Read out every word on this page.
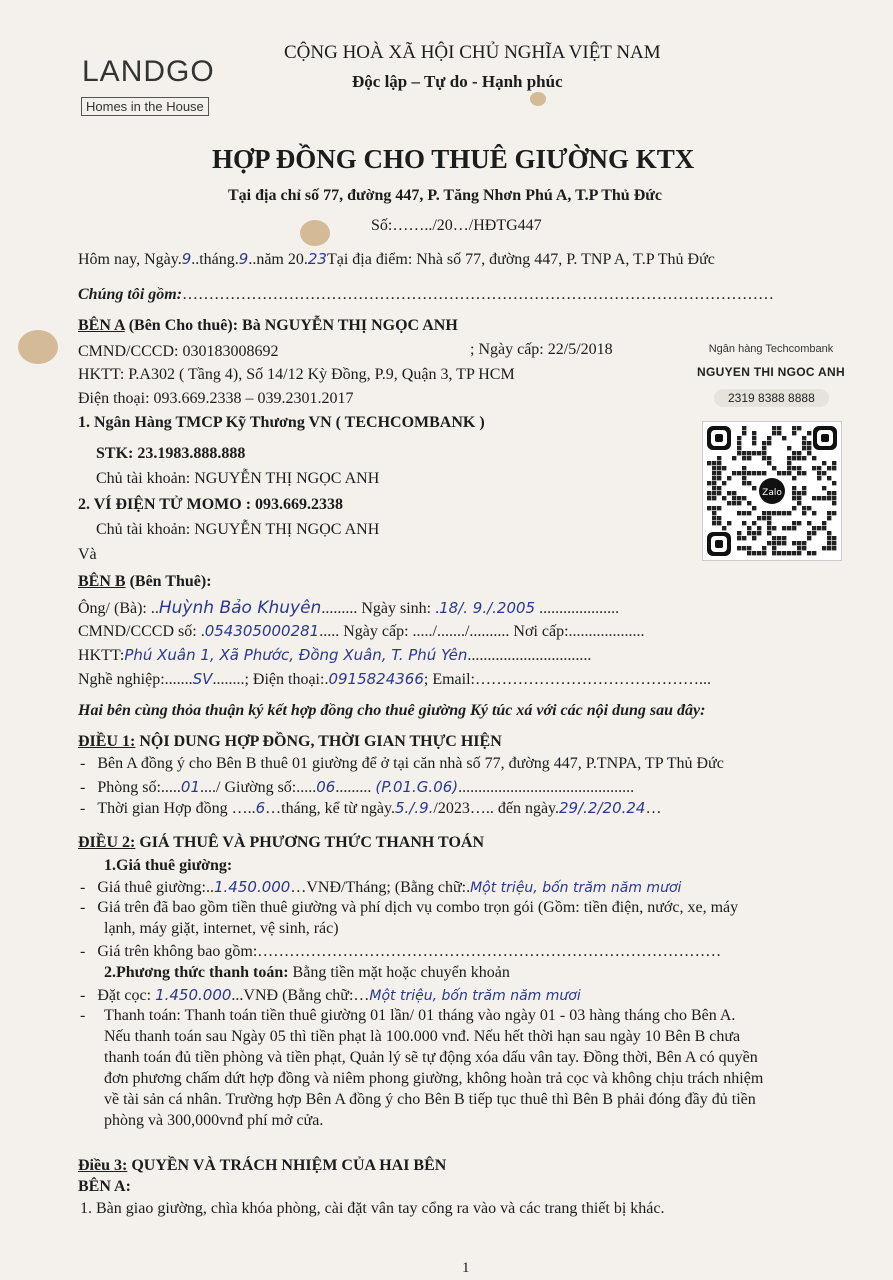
LANDGO
Homes in the House
CỘNG HOÀ XÃ HỘI CHỦ NGHĨA VIỆT NAM
Độc lập – Tự do - Hạnh phúc
HỢP ĐỒNG CHO THUÊ GIƯỜNG KTX
Tại địa chỉ số 77, đường 447, P. Tăng Nhơn Phú A, T.P Thủ Đức
Số:……../20…/HĐTG447
Hôm nay, Ngày.9..tháng.9..năm 20.23Tại địa điểm: Nhà số 77, đường 447, P. TNP A, T.P Thủ Đức
Chúng tôi gồm:…………………………………………………………………………………………………
BÊN A (Bên Cho thuê): Bà NGUYỄN THỊ NGỌC ANH
CMND/CCCD: 030183008692	; Ngày cấp: 22/5/2018
HKTT: P.A302 ( Tầng 4), Số 14/12 Kỳ Đồng, P.9, Quận 3, TP HCM
Điện thoại: 093.669.2338 – 039.2301.2017
1. Ngân Hàng TMCP Kỹ Thương VN ( TECHCOMBANK )
STK: 23.1983.888.888
Chủ tài khoản: NGUYỄN THỊ NGỌC ANH
2. VÍ ĐIỆN TỬ MOMO : 093.669.2338
Chủ tài khoản: NGUYỄN THỊ NGỌC ANH
Và
Ngân hàng Techcombank
NGUYEN THI NGOC ANH
2319 8388 8888
Zalo
BÊN B (Bên Thuê):
Ông/ (Bà): ..Huỳnh Bảo Khuyên......... Ngày sinh: .18/. 9./.2005 ....................
CMND/CCCD số: .054305000281..... Ngày cấp: ...../......./.......... Nơi cấp:...................
HKTT:Phú Xuân 1, Xã Phước, Đồng Xuân, T. Phú Yên...............................
Nghề nghiệp:.......SV........; Điện thoại:.0915824366; Email:……………………………………...
Hai bên cùng thỏa thuận ký kết hợp đồng cho thuê giường Ký túc xá với các nội dung sau đây:
ĐIỀU 1: NỘI DUNG HỢP ĐỒNG, THỜI GIAN THỰC HIỆN
-   Bên A đồng ý cho Bên B thuê 01 giường để ở tại căn nhà số 77, đường 447, P.TNPA, TP Thủ Đức
-   Phòng số:.....01..../ Giường số:.....06......... (P.01.G.06)............................................
-   Thời gian Hợp đồng …..6…tháng, kể từ ngày.5./.9./2023….. đến ngày.29/.2/20.24…
ĐIỀU 2: GIÁ THUÊ VÀ PHƯƠNG THỨC THANH TOÁN
1.Giá thuê giường:
-   Giá thuê giường:..1.450.000…VNĐ/Tháng; (Bằng chữ:.Một triệu, bốn trăm năm mươi
-   Giá trên đã bao gồm tiền thuê giường và phí dịch vụ combo trọn gói (Gồm: tiền điện, nước, xe, máy
lạnh, máy giặt, internet, vệ sinh, rác)
-   Giá trên không bao gồm:……………………………………………………………………………
2.Phương thức thanh toán: Bằng tiền mặt hoặc chuyển khoản
-   Đặt cọc: 1.450.000...VNĐ (Bằng chữ:…Một triệu, bốn trăm năm mươi
- Thanh toán: Thanh toán tiền thuê giường 01 lần/ 01 tháng vào ngày 01 - 03 hàng tháng cho Bên A.
Nếu thanh toán sau Ngày 05 thì tiền phạt là 100.000 vnđ. Nếu hết thời hạn sau ngày 10 Bên B chưa
thanh toán đủ tiền phòng và tiền phạt, Quản lý sẽ tự động xóa dấu vân tay. Đồng thời, Bên A có quyền
đơn phương chấm dứt hợp đồng và niêm phong giường, không hoàn trả cọc và không chịu trách nhiệm
về tài sản cá nhân. Trường hợp Bên A đồng ý cho Bên B tiếp tục thuê thì Bên B phải đóng đầy đủ tiền
phòng và 300,000vnđ phí mở cửa.
Điều 3: QUYỀN VÀ TRÁCH NHIỆM CỦA HAI BÊN
BÊN A:
1. Bàn giao giường, chìa khóa phòng, cài đặt vân tay cổng ra vào và các trang thiết bị khác.
1
